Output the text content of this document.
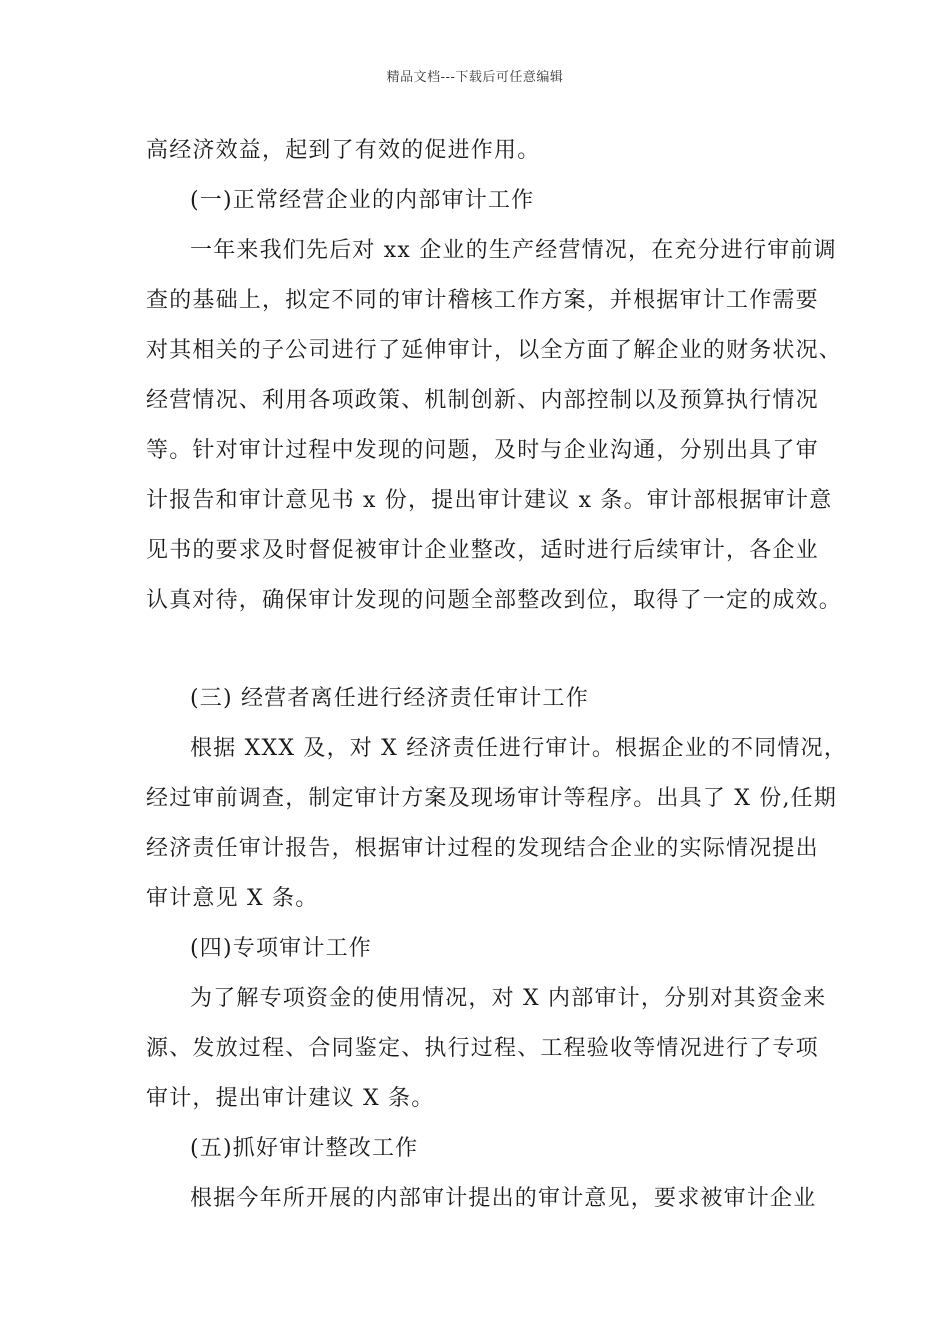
精品文档---下载后可任意编辑
高经济效益，起到了有效的促进作用。
(一)正常经营企业的内部审计工作
一年来我们先后对 xx 企业的生产经营情况，在充分进行审前调
查的基础上，拟定不同的审计稽核工作方案，并根据审计工作需要
对其相关的子公司进行了延伸审计，以全方面了解企业的财务状况、
经营情况、利用各项政策、机制创新、内部控制以及预算执行情况
等。针对审计过程中发现的问题，及时与企业沟通，分别出具了审
计报告和审计意见书 x 份，提出审计建议 x 条。审计部根据审计意
见书的要求及时督促被审计企业整改，适时进行后续审计，各企业
认真对待，确保审计发现的问题全部整改到位，取得了一定的成效。
(三) 经营者离任进行经济责任审计工作
根据 XXX 及，对 X 经济责任进行审计。根据企业的不同情况，
经过审前调查，制定审计方案及现场审计等程序。出具了 X 份,任期
经济责任审计报告，根据审计过程的发现结合企业的实际情况提出
审计意见 X 条。
(四)专项审计工作
为了解专项资金的使用情况，对 X 内部审计，分别对其资金来
源、发放过程、合同鉴定、执行过程、工程验收等情况进行了专项
审计，提出审计建议 X 条。
(五)抓好审计整改工作
根据今年所开展的内部审计提出的审计意见，要求被审计企业
